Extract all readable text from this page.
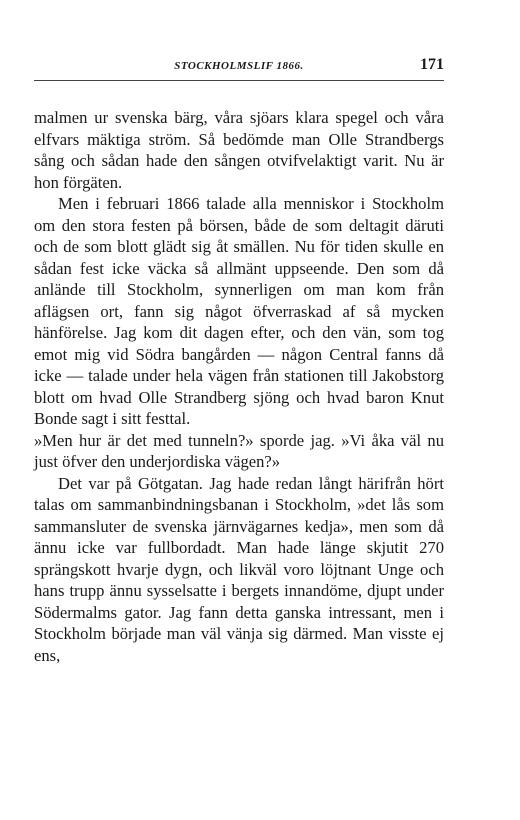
STOCKHOLMSLIF 1866.	171

malmen ur svenska bärg, våra sjöars klara spegel och våra elfvars mäktiga ström. Så bedömde man Olle Strandbergs sång och sådan hade den sången otvifvelaktigt varit. Nu är hon förgäten.

Men i februari 1866 talade alla menniskor i Stockholm om den stora festen på börsen, både de som deltagit däruti och de som blott glädt sig åt smällen. Nu för tiden skulle en sådan fest icke väcka så allmänt uppseende. Den som då anlände till Stockholm, synnerligen om man kom från aflägsen ort, fann sig något öfverraskad af så mycken hänförelse. Jag kom dit dagen efter, och den vän, som tog emot mig vid Södra bangården — någon Central fanns då icke — talade under hela vägen från stationen till Jakobstorg blott om hvad Olle Strandberg sjöng och hvad baron Knut Bonde sagt i sitt festtal.

»Men hur är det med tunneln?» sporde jag. »Vi åka väl nu just öfver den underjordiska vägen?»

Det var på Götgatan. Jag hade redan långt härifrån hört talas om sammanbindningsbanan i Stockholm, »det lås som sammansluter de svenska järnvägarnes kedja», men som då ännu icke var fullbordadt. Man hade länge skjutit 270 sprängskott hvarje dygn, och likväl voro löjtnant Unge och hans trupp ännu sysselsatte i bergets innandöme, djupt under Södermalms gator. Jag fann detta ganska intressant, men i Stockholm började man väl vänja sig därmed. Man visste ej ens,
